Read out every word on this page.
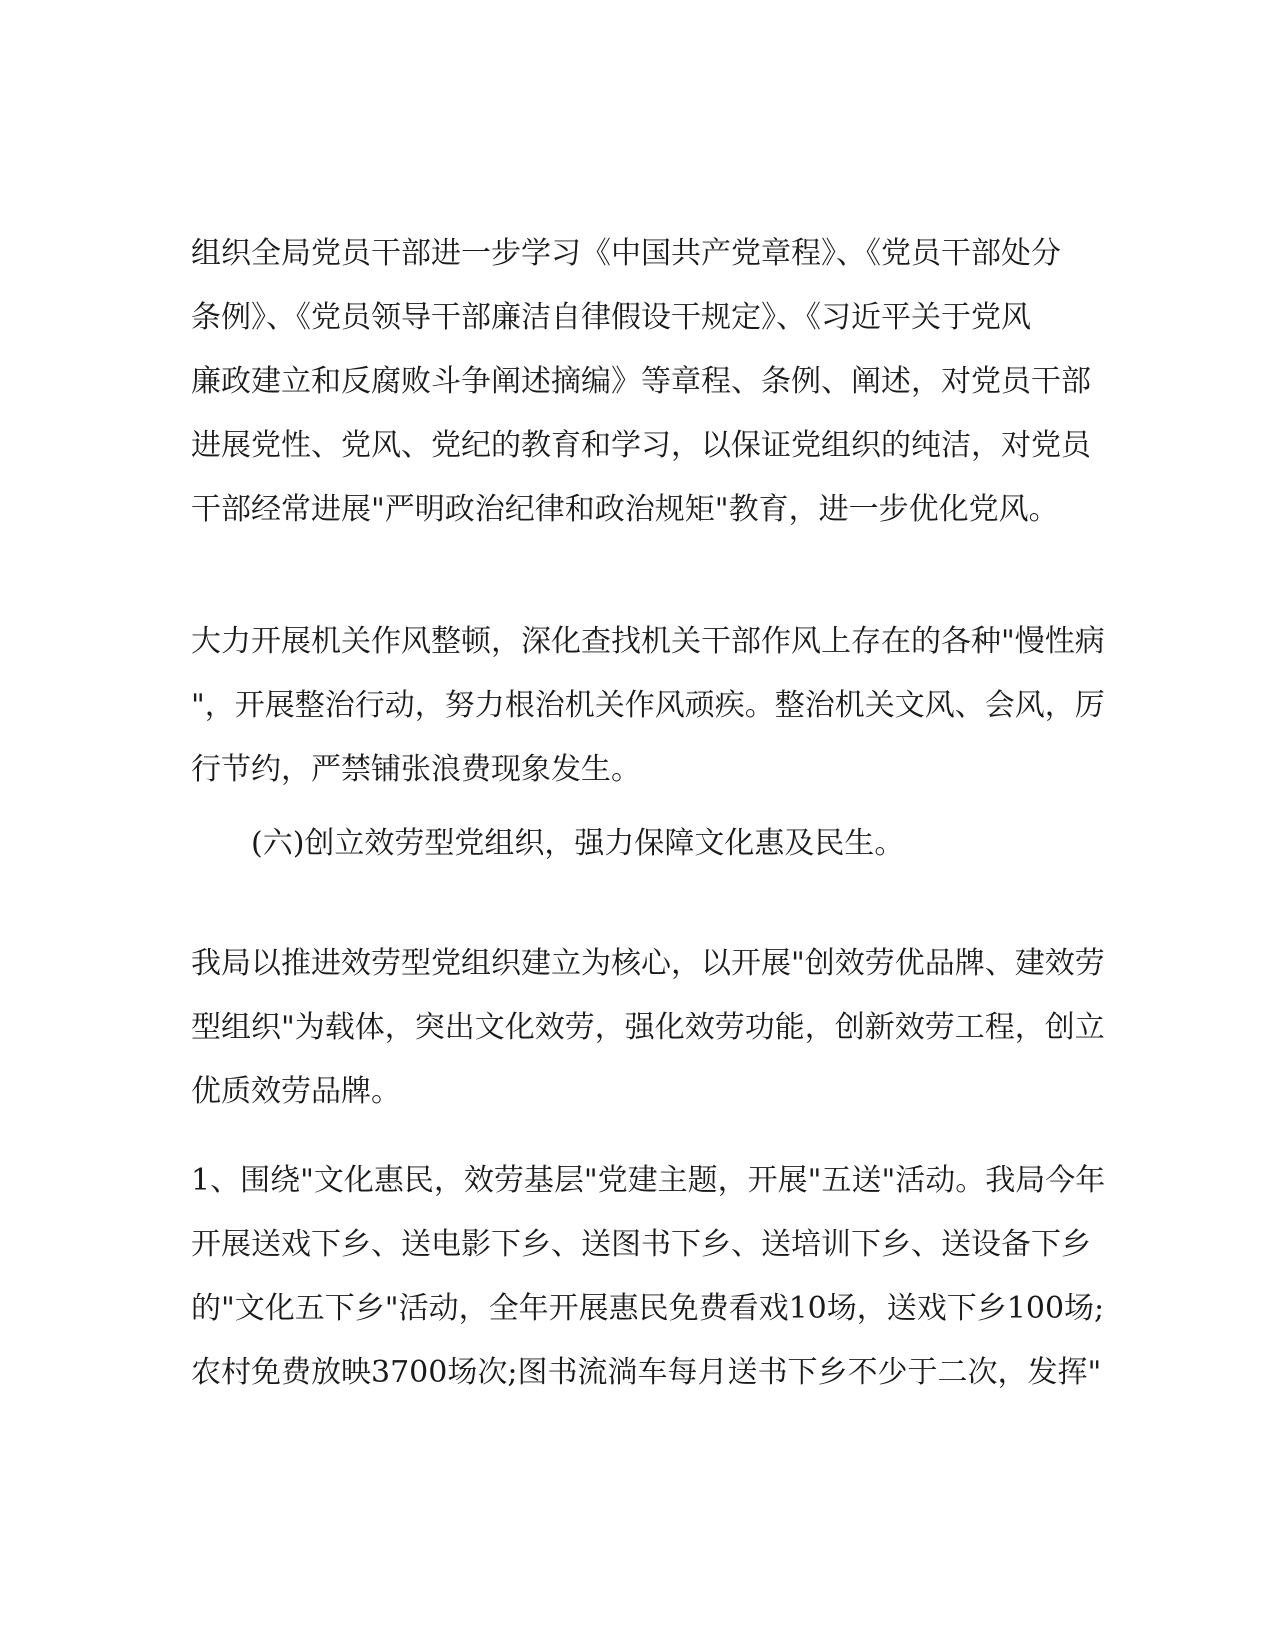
组织全局党员干部进一步学习《中国共产党章程》、《党员干部处分
条例》、《党员领导干部廉洁自律假设干规定》、《习近平关于党风
廉政建立和反腐败斗争阐述摘编》等章程、条例、阐述，对党员干部
进展党性、党风、党纪的教育和学习，以保证党组织的纯洁，对党员
干部经常进展"严明政治纪律和政治规矩"教育，进一步优化党风。

大力开展机关作风整顿，深化查找机关干部作风上存在的各种"慢性病
"，开展整治行动，努力根治机关作风顽疾。整治机关文风、会风，厉
行节约，严禁铺张浪费现象发生。

(六)创立效劳型党组织，强力保障文化惠及民生。

我局以推进效劳型党组织建立为核心，以开展"创效劳优品牌、建效劳
型组织"为载体，突出文化效劳，强化效劳功能，创新效劳工程，创立
优质效劳品牌。

1、围绕"文化惠民，效劳基层"党建主题，开展"五送"活动。我局今年
开展送戏下乡、送电影下乡、送图书下乡、送培训下乡、送设备下乡
的"文化五下乡"活动，全年开展惠民免费看戏10场，送戏下乡100场;
农村免费放映3700场次;图书流淌车每月送书下乡不少于二次，发挥"
